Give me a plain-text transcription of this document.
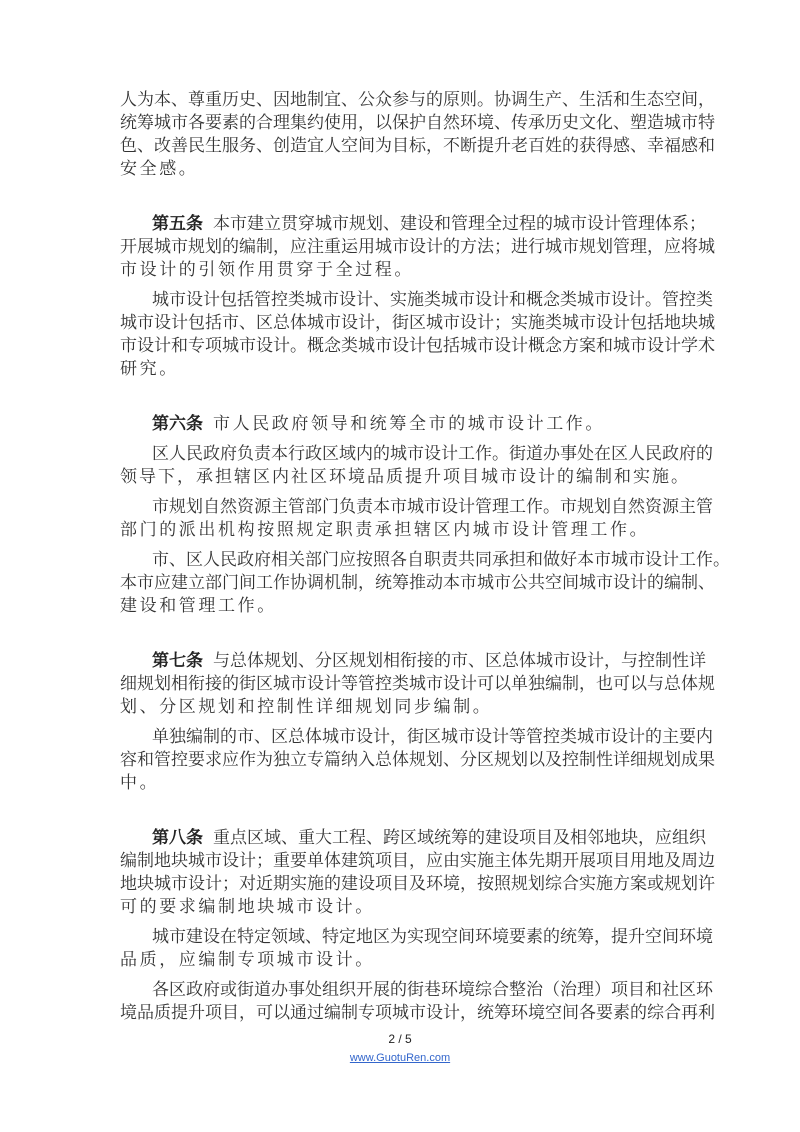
人为本、尊重历史、因地制宜、公众参与的原则。协调生产、生活和生态空间，
统筹城市各要素的合理集约使用，以保护自然环境、传承历史文化、塑造城市特
色、改善民生服务、创造宜人空间为目标，不断提升老百姓的获得感、幸福感和
安全感。
第五条 本市建立贯穿城市规划、建设和管理全过程的城市设计管理体系；
开展城市规划的编制，应注重运用城市设计的方法；进行城市规划管理，应将城
市设计的引领作用贯穿于全过程。
城市设计包括管控类城市设计、实施类城市设计和概念类城市设计。管控类
城市设计包括市、区总体城市设计，街区城市设计；实施类城市设计包括地块城
市设计和专项城市设计。概念类城市设计包括城市设计概念方案和城市设计学术
研究。
第六条 市人民政府领导和统筹全市的城市设计工作。
区人民政府负责本行政区域内的城市设计工作。街道办事处在区人民政府的
领导下，承担辖区内社区环境品质提升项目城市设计的编制和实施。
市规划自然资源主管部门负责本市城市设计管理工作。市规划自然资源主管
部门的派出机构按照规定职责承担辖区内城市设计管理工作。
市、区人民政府相关部门应按照各自职责共同承担和做好本市城市设计工作。
本市应建立部门间工作协调机制，统筹推动本市城市公共空间城市设计的编制、
建设和管理工作。
第七条 与总体规划、分区规划相衔接的市、区总体城市设计，与控制性详
细规划相衔接的街区城市设计等管控类城市设计可以单独编制，也可以与总体规
划、分区规划和控制性详细规划同步编制。
单独编制的市、区总体城市设计，街区城市设计等管控类城市设计的主要内
容和管控要求应作为独立专篇纳入总体规划、分区规划以及控制性详细规划成果
中。
第八条 重点区域、重大工程、跨区域统筹的建设项目及相邻地块，应组织
编制地块城市设计；重要单体建筑项目，应由实施主体先期开展项目用地及周边
地块城市设计；对近期实施的建设项目及环境，按照规划综合实施方案或规划许
可的要求编制地块城市设计。
城市建设在特定领域、特定地区为实现空间环境要素的统筹，提升空间环境
品质，应编制专项城市设计。
各区政府或街道办事处组织开展的街巷环境综合整治（治理）项目和社区环
境品质提升项目，可以通过编制专项城市设计，统筹环境空间各要素的综合再利
2 / 5
www.GuotuRen.com
